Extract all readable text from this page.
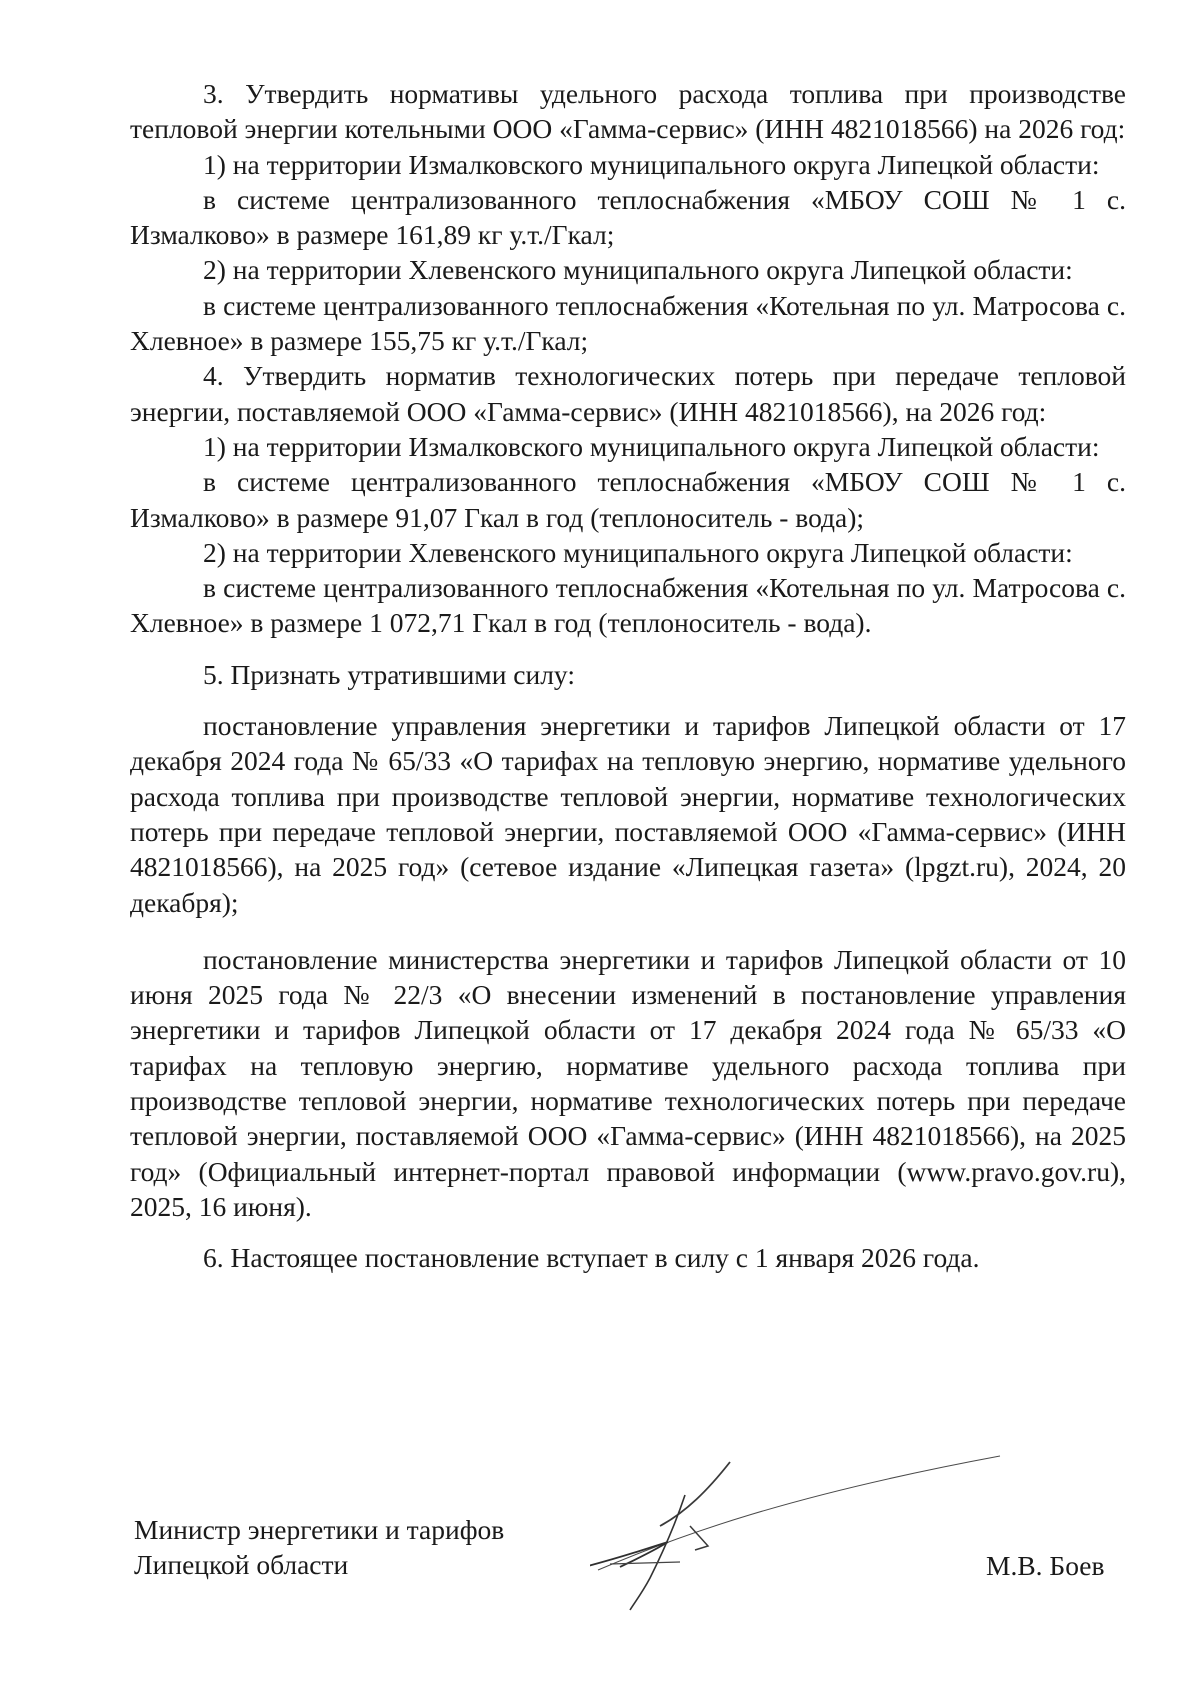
3. Утвердить нормативы удельного расхода топлива при производстве тепловой энергии котельными ООО «Гамма-сервис» (ИНН 4821018566) на 2026 год:

1) на территории Измалковского муниципального округа Липецкой области:

в системе централизованного теплоснабжения «МБОУ СОШ № 1 с. Измалково» в размере 161,89 кг у.т./Гкал;

2) на территории Хлевенского муниципального округа Липецкой области:

в системе централизованного теплоснабжения «Котельная по ул. Матросова с. Хлевное» в размере 155,75 кг у.т./Гкал;

4. Утвердить норматив технологических потерь при передаче тепловой энергии, поставляемой ООО «Гамма-сервис» (ИНН 4821018566), на 2026 год:

1) на территории Измалковского муниципального округа Липецкой области:

в системе централизованного теплоснабжения «МБОУ СОШ № 1 с. Измалково» в размере 91,07 Гкал в год (теплоноситель - вода);

2) на территории Хлевенского муниципального округа Липецкой области:

в системе централизованного теплоснабжения «Котельная по ул. Матросова с. Хлевное» в размере 1 072,71 Гкал в год (теплоноситель - вода).

5. Признать утратившими силу:

постановление управления энергетики и тарифов Липецкой области от 17 декабря 2024 года № 65/33 «О тарифах на тепловую энергию, нормативе удельного расхода топлива при производстве тепловой энергии, нормативе технологических потерь при передаче тепловой энергии, поставляемой ООО «Гамма-сервис» (ИНН 4821018566), на 2025 год» (сетевое издание «Липецкая газета» (lpgzt.ru), 2024, 20 декабря);

постановление министерства энергетики и тарифов Липецкой области от 10 июня 2025 года № 22/3 «О внесении изменений в постановление управления энергетики и тарифов Липецкой области от 17 декабря 2024 года № 65/33 «О тарифах на тепловую энергию, нормативе удельного расхода топлива при производстве тепловой энергии, нормативе технологических потерь при передаче тепловой энергии, поставляемой ООО «Гамма-сервис» (ИНН 4821018566), на 2025 год» (Официальный интернет-портал правовой информации (www.pravo.gov.ru), 2025, 16 июня).

6. Настоящее постановление вступает в силу с 1 января 2026 года.

Министр энергетики и тарифов
Липецкой области	М.В. Боев
